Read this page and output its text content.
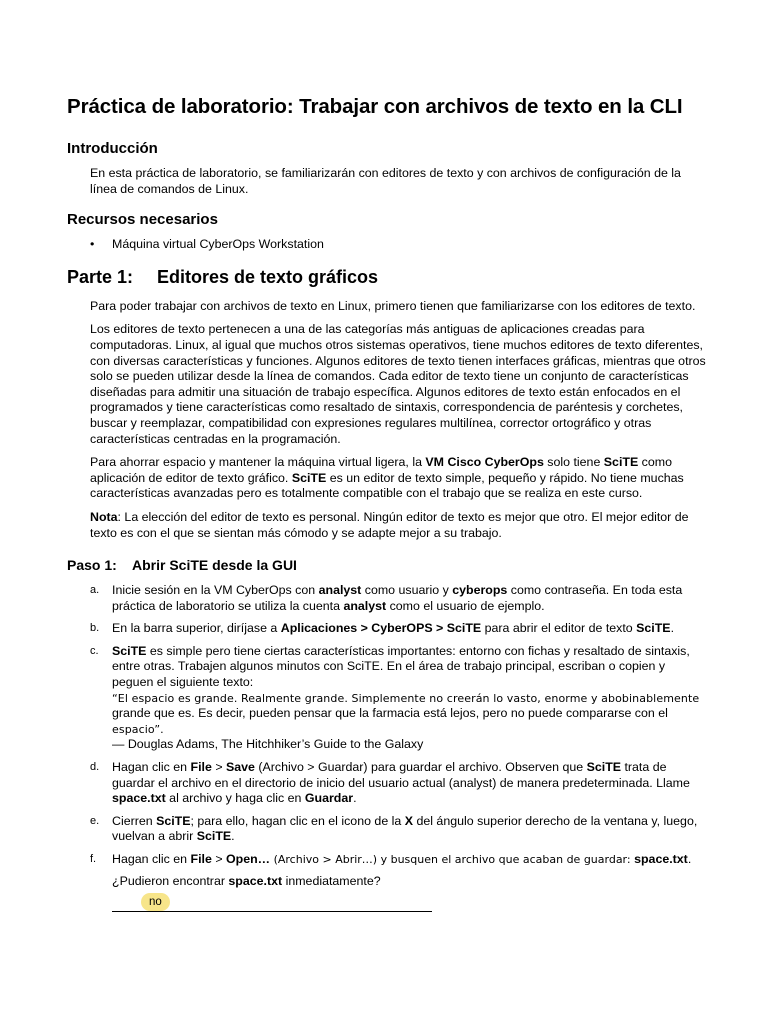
Práctica de laboratorio: Trabajar con archivos de texto en la CLI
Introducción

En esta práctica de laboratorio, se familiarizarán con editores de texto y con archivos de configuración de la línea de comandos de Linux.

Recursos necesarios
• Máquina virtual CyberOps Workstation
Parte 1: Editores de texto gráficos

Para poder trabajar con archivos de texto en Linux, primero tienen que familiarizarse con los editores de texto.

Los editores de texto pertenecen a una de las categorías más antiguas de aplicaciones creadas para computadoras. Linux, al igual que muchos otros sistemas operativos, tiene muchos editores de texto diferentes, con diversas características y funciones. Algunos editores de texto tienen interfaces gráficas, mientras que otros solo se pueden utilizar desde la línea de comandos. Cada editor de texto tiene un conjunto de características diseñadas para admitir una situación de trabajo específica. Algunos editores de texto están enfocados en el programados y tiene características como resaltado de sintaxis, correspondencia de paréntesis y corchetes, buscar y reemplazar, compatibilidad con expresiones regulares multilínea, corrector ortográfico y otras características centradas en la programación.

Para ahorrar espacio y mantener la máquina virtual ligera, la VM Cisco CyberOps solo tiene SciTE como aplicación de editor de texto gráfico. SciTE es un editor de texto simple, pequeño y rápido. No tiene muchas características avanzadas pero es totalmente compatible con el trabajo que se realiza en este curso.

Nota: La elección del editor de texto es personal. Ningún editor de texto es mejor que otro. El mejor editor de texto es con el que se sientan más cómodo y se adapte mejor a su trabajo.

Paso 1: Abrir SciTE desde la GUI
a. Inicie sesión en la VM CyberOps con analyst como usuario y cyberops como contraseña. En toda esta práctica de laboratorio se utiliza la cuenta analyst como el usuario de ejemplo.
b. En la barra superior, diríjase a Aplicaciones > CyberOPS > SciTE para abrir el editor de texto SciTE.
c. SciTE es simple pero tiene ciertas características importantes: entorno con fichas y resaltado de sintaxis, entre otras. Trabajen algunos minutos con SciTE. En el área de trabajo principal, escriban o copien y peguen el siguiente texto:
“El espacio es grande. Realmente grande. Simplemente no creerán lo vasto, enorme y abobinablemente
grande que es. Es decir, pueden pensar que la farmacia está lejos, pero no puede compararse con el
espacio”.
― Douglas Adams, The Hitchhiker’s Guide to the Galaxy
d. Hagan clic en File > Save (Archivo > Guardar) para guardar el archivo. Observen que SciTE trata de guardar el archivo en el directorio de inicio del usuario actual (analyst) de manera predeterminada. Llame space.txt al archivo y haga clic en Guardar.
e. Cierren SciTE; para ello, hagan clic en el icono de la X del ángulo superior derecho de la ventana y, luego, vuelvan a abrir SciTE.
f. Hagan clic en File > Open… (Archivo > Abrir…) y busquen el archivo que acaban de guardar: space.txt.
¿Pudieron encontrar space.txt inmediatamente?
no
